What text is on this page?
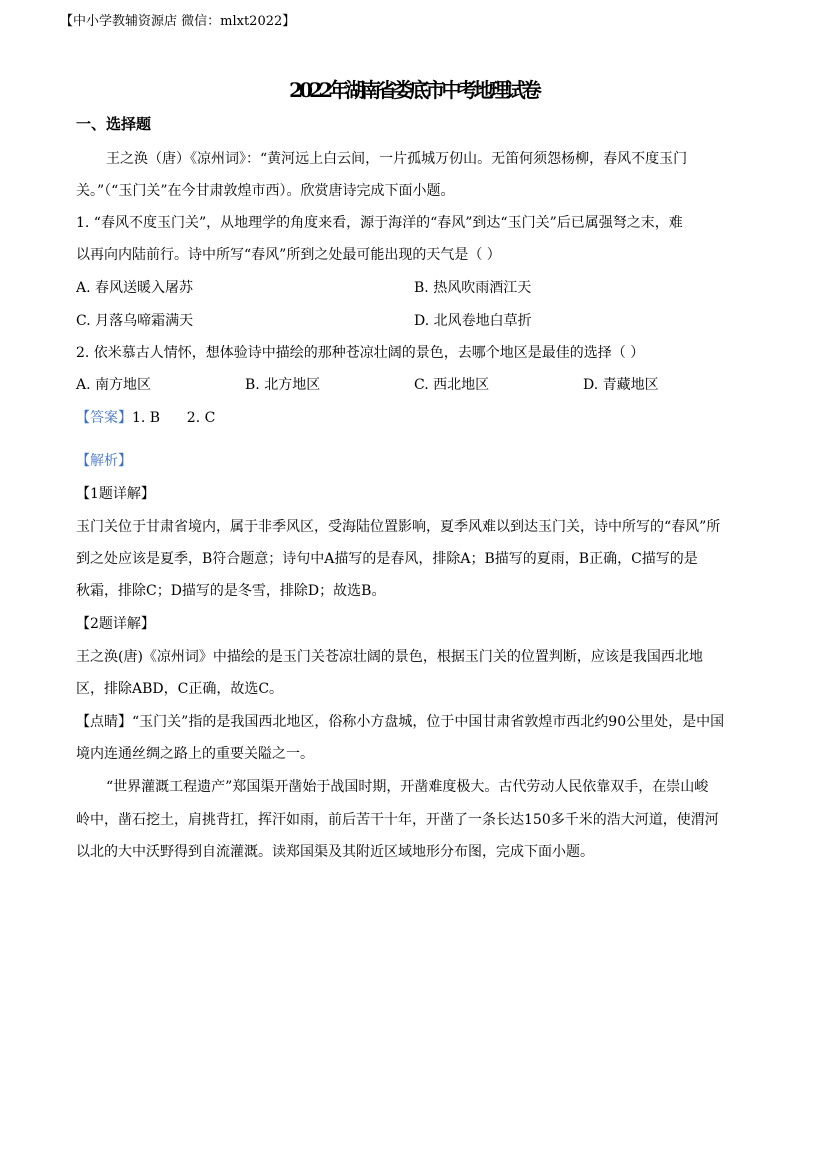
【中小学教辅资源店 微信：mlxt2022】
2022年湖南省娄底市中考地理试卷
一、选择题
王之涣（唐）《凉州词》：“黄河远上白云间，一片孤城万仞山。无笛何须怨杨柳，春风不度玉门
关。”（“玉门关”在今甘肃敦煌市西）。欣赏唐诗完成下面小题。
1. “春风不度玉门关”，从地理学的角度来看，源于海洋的“春风”到达“玉门关”后已属强弩之末，难
以再向内陆前行。诗中所写“春风”所到之处最可能出现的天气是（ ）
A. 春风送暖入屠苏	B. 热风吹雨酒江天
C. 月落乌啼霜满天	D. 北风卷地白草折
2. 依米慕古人情怀，想体验诗中描绘的那种苍凉壮阔的景色，去哪个地区是最佳的选择（ ）
A. 南方地区	B. 北方地区	C. 西北地区	D. 青藏地区
【答案】1. B      2. C
【解析】
【1题详解】
玉门关位于甘肃省境内，属于非季风区，受海陆位置影响，夏季风难以到达玉门关，诗中所写的“春风”所
到之处应该是夏季，B符合题意；诗句中A描写的是春风，排除A；B描写的夏雨，B正确，C描写的是
秋霜，排除C；D描写的是冬雪，排除D；故选B。
【2题详解】
王之涣(唐)《凉州词》中描绘的是玉门关苍凉壮阔的景色，根据玉门关的位置判断，应该是我国西北地
区，排除ABD，C正确，故选C。
【点睛】“玉门关”指的是我国西北地区，俗称小方盘城，位于中国甘肃省敦煌市西北约90公里处，是中国
境内连通丝绸之路上的重要关隘之一。
“世界灌溉工程遗产”郑国渠开凿始于战国时期，开凿难度极大。古代劳动人民依靠双手，在崇山峻
岭中，凿石挖土，肩挑背扛，挥汗如雨，前后苦干十年，开凿了一条长达150多千米的浩大河道，使渭河
以北的大中沃野得到自流灌溉。读郑国渠及其附近区域地形分布图，完成下面小题。
